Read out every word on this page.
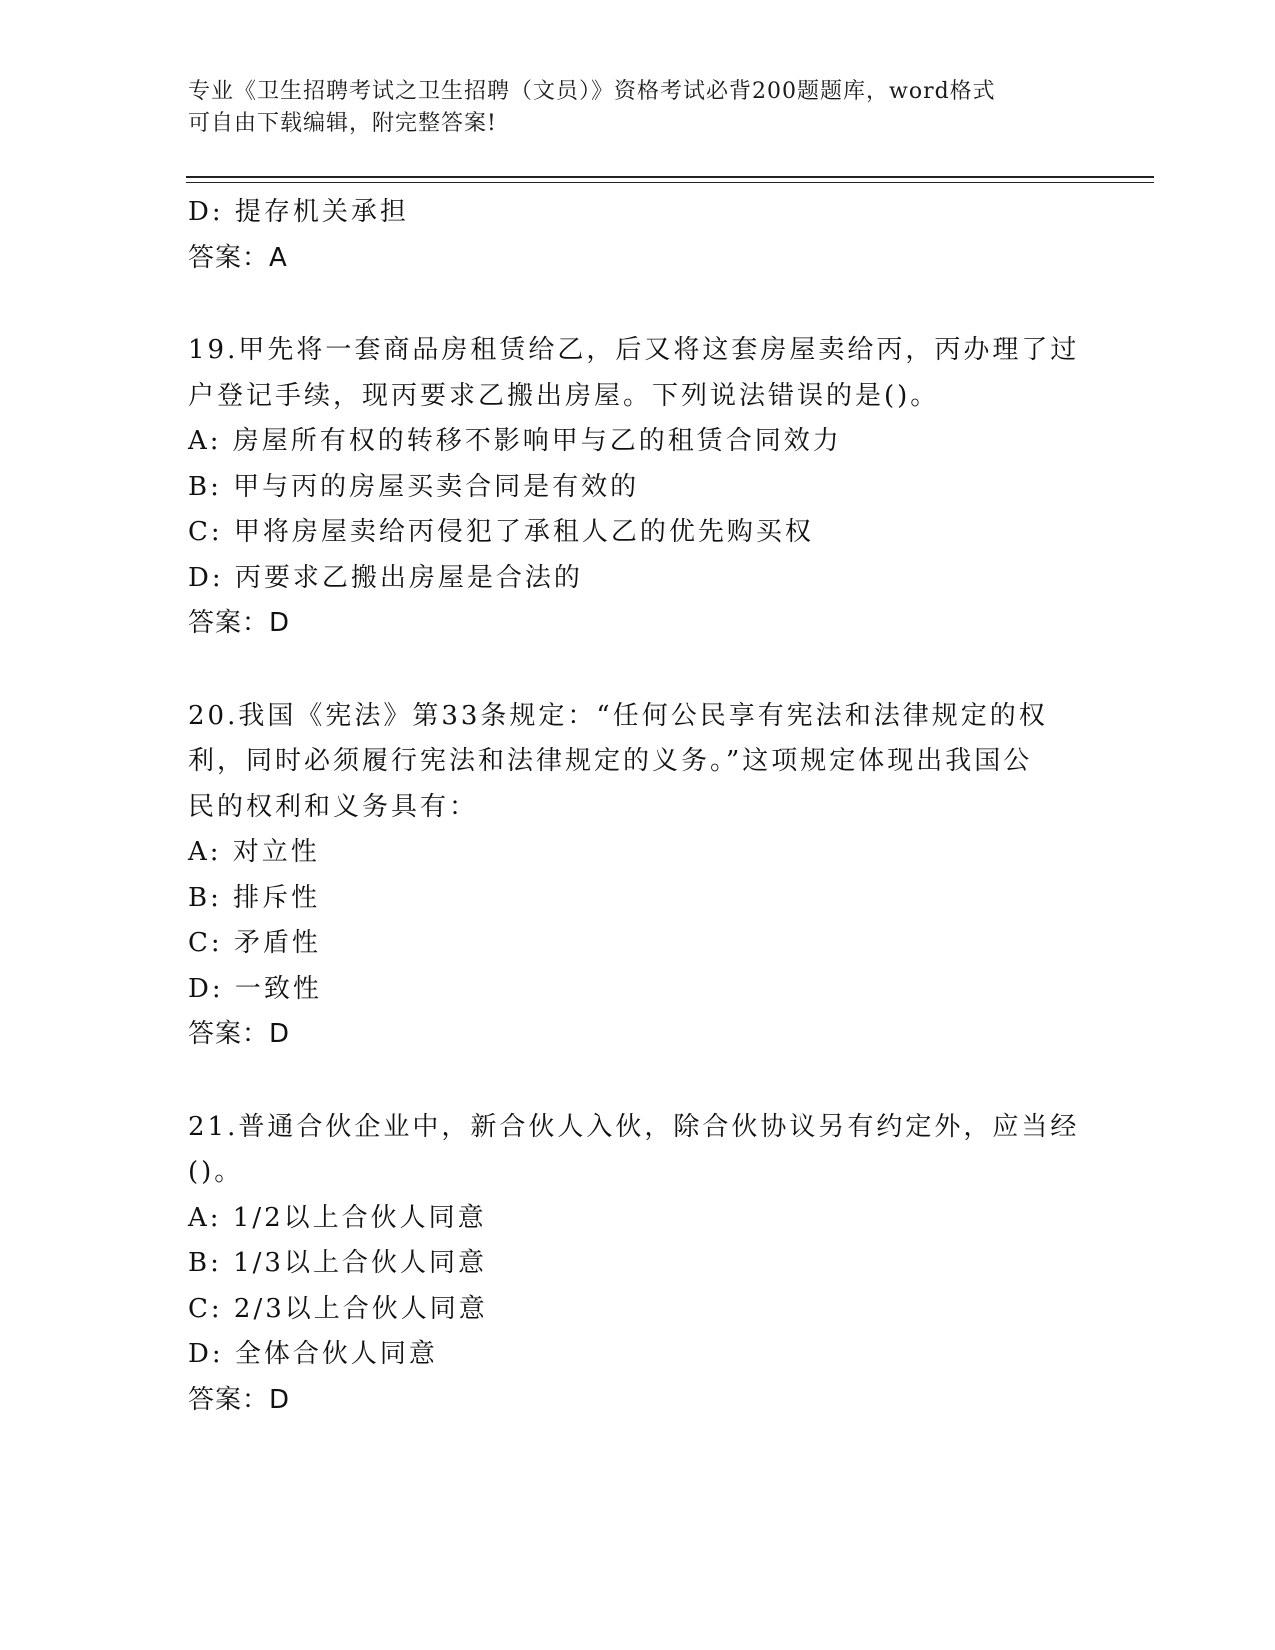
专业《卫生招聘考试之卫生招聘（文员）》资格考试必背200题题库，word格式
可自由下载编辑，附完整答案!
D: 提存机关承担
答案：A
19.甲先将一套商品房租赁给乙，后又将这套房屋卖给丙，丙办理了过
户登记手续，现丙要求乙搬出房屋。下列说法错误的是()。
A: 房屋所有权的转移不影响甲与乙的租赁合同效力
B: 甲与丙的房屋买卖合同是有效的
C: 甲将房屋卖给丙侵犯了承租人乙的优先购买权
D: 丙要求乙搬出房屋是合法的
答案：D
20.我国《宪法》第33条规定：“任何公民享有宪法和法律规定的权
利，同时必须履行宪法和法律规定的义务。”这项规定体现出我国公
民的权利和义务具有：
A: 对立性
B: 排斥性
C: 矛盾性
D: 一致性
答案：D
21.普通合伙企业中，新合伙人入伙，除合伙协议另有约定外，应当经
()。
A: 1/2以上合伙人同意
B: 1/3以上合伙人同意
C: 2/3以上合伙人同意
D: 全体合伙人同意
答案：D
